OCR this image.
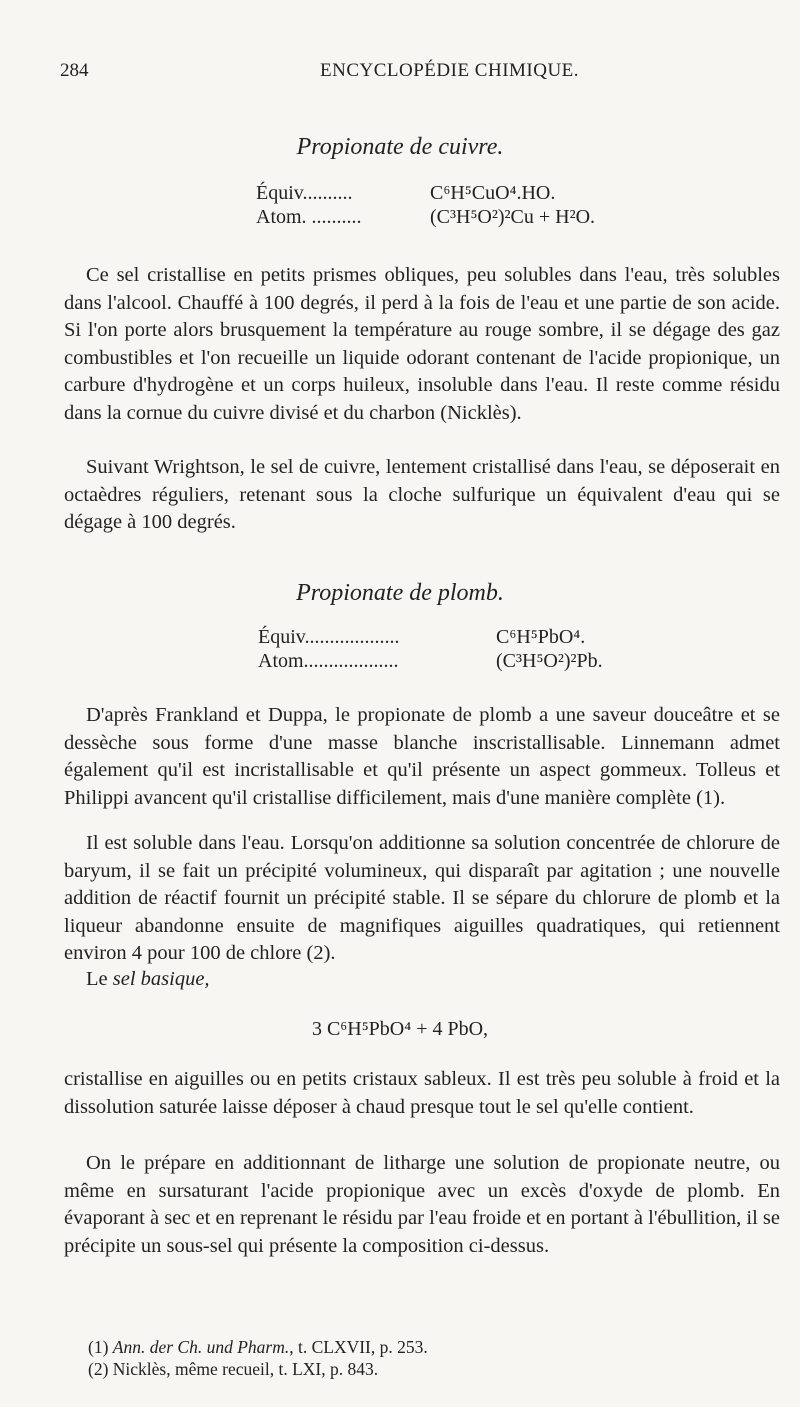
284	ENCYCLOPÉDIE CHIMIQUE.
Propionate de cuivre.
Équiv..........	C⁶H⁵CuO⁴.HO.
Atom. ..........	(C³H⁵O²)²Cu + H²O.

Ce sel cristallise en petits prismes obliques, peu solubles dans l'eau, très solubles dans l'alcool. Chauffé à 100 degrés, il perd à la fois de l'eau et une partie de son acide. Si l'on porte alors brusquement la température au rouge sombre, il se dégage des gaz combustibles et l'on recueille un liquide odorant contenant de l'acide propionique, un carbure d'hydrogène et un corps huileux, insoluble dans l'eau. Il reste comme résidu dans la cornue du cuivre divisé et du charbon (Nicklès).

Suivant Wrightson, le sel de cuivre, lentement cristallisé dans l'eau, se déposerait en octaèdres réguliers, retenant sous la cloche sulfurique un équivalent d'eau qui se dégage à 100 degrés.

Propionate de plomb.
Équiv...................	C⁶H⁵PbO⁴.
Atom...................	(C³H⁵O²)²Pb.

D'après Frankland et Duppa, le propionate de plomb a une saveur douceâtre et se dessèche sous forme d'une masse blanche inscristallisable. Linnemann admet également qu'il est incristallisable et qu'il présente un aspect gommeux. Tolleus et Philippi avancent qu'il cristallise difficilement, mais d'une manière complète (1).

Il est soluble dans l'eau. Lorsqu'on additionne sa solution concentrée de chlorure de baryum, il se fait un précipité volumineux, qui disparaît par agitation ; une nouvelle addition de réactif fournit un précipité stable. Il se sépare du chlorure de plomb et la liqueur abandonne ensuite de magnifiques aiguilles quadratiques, qui retiennent environ 4 pour 100 de chlore (2).

Le sel basique,

3 C⁶H⁵PbO⁴ + 4 PbO,

cristallise en aiguilles ou en petits cristaux sableux. Il est très peu soluble à froid et la dissolution saturée laisse déposer à chaud presque tout le sel qu'elle contient.

On le prépare en additionnant de litharge une solution de propionate neutre, ou même en sursaturant l'acide propionique avec un excès d'oxyde de plomb. En évaporant à sec et en reprenant le résidu par l'eau froide et en portant à l'ébullition, il se précipite un sous-sel qui présente la composition ci-dessus.

(1) Ann. der Ch. und Pharm., t. CLXVII, p. 253.
(2) Nicklès, même recueil, t. LXI, p. 843.
